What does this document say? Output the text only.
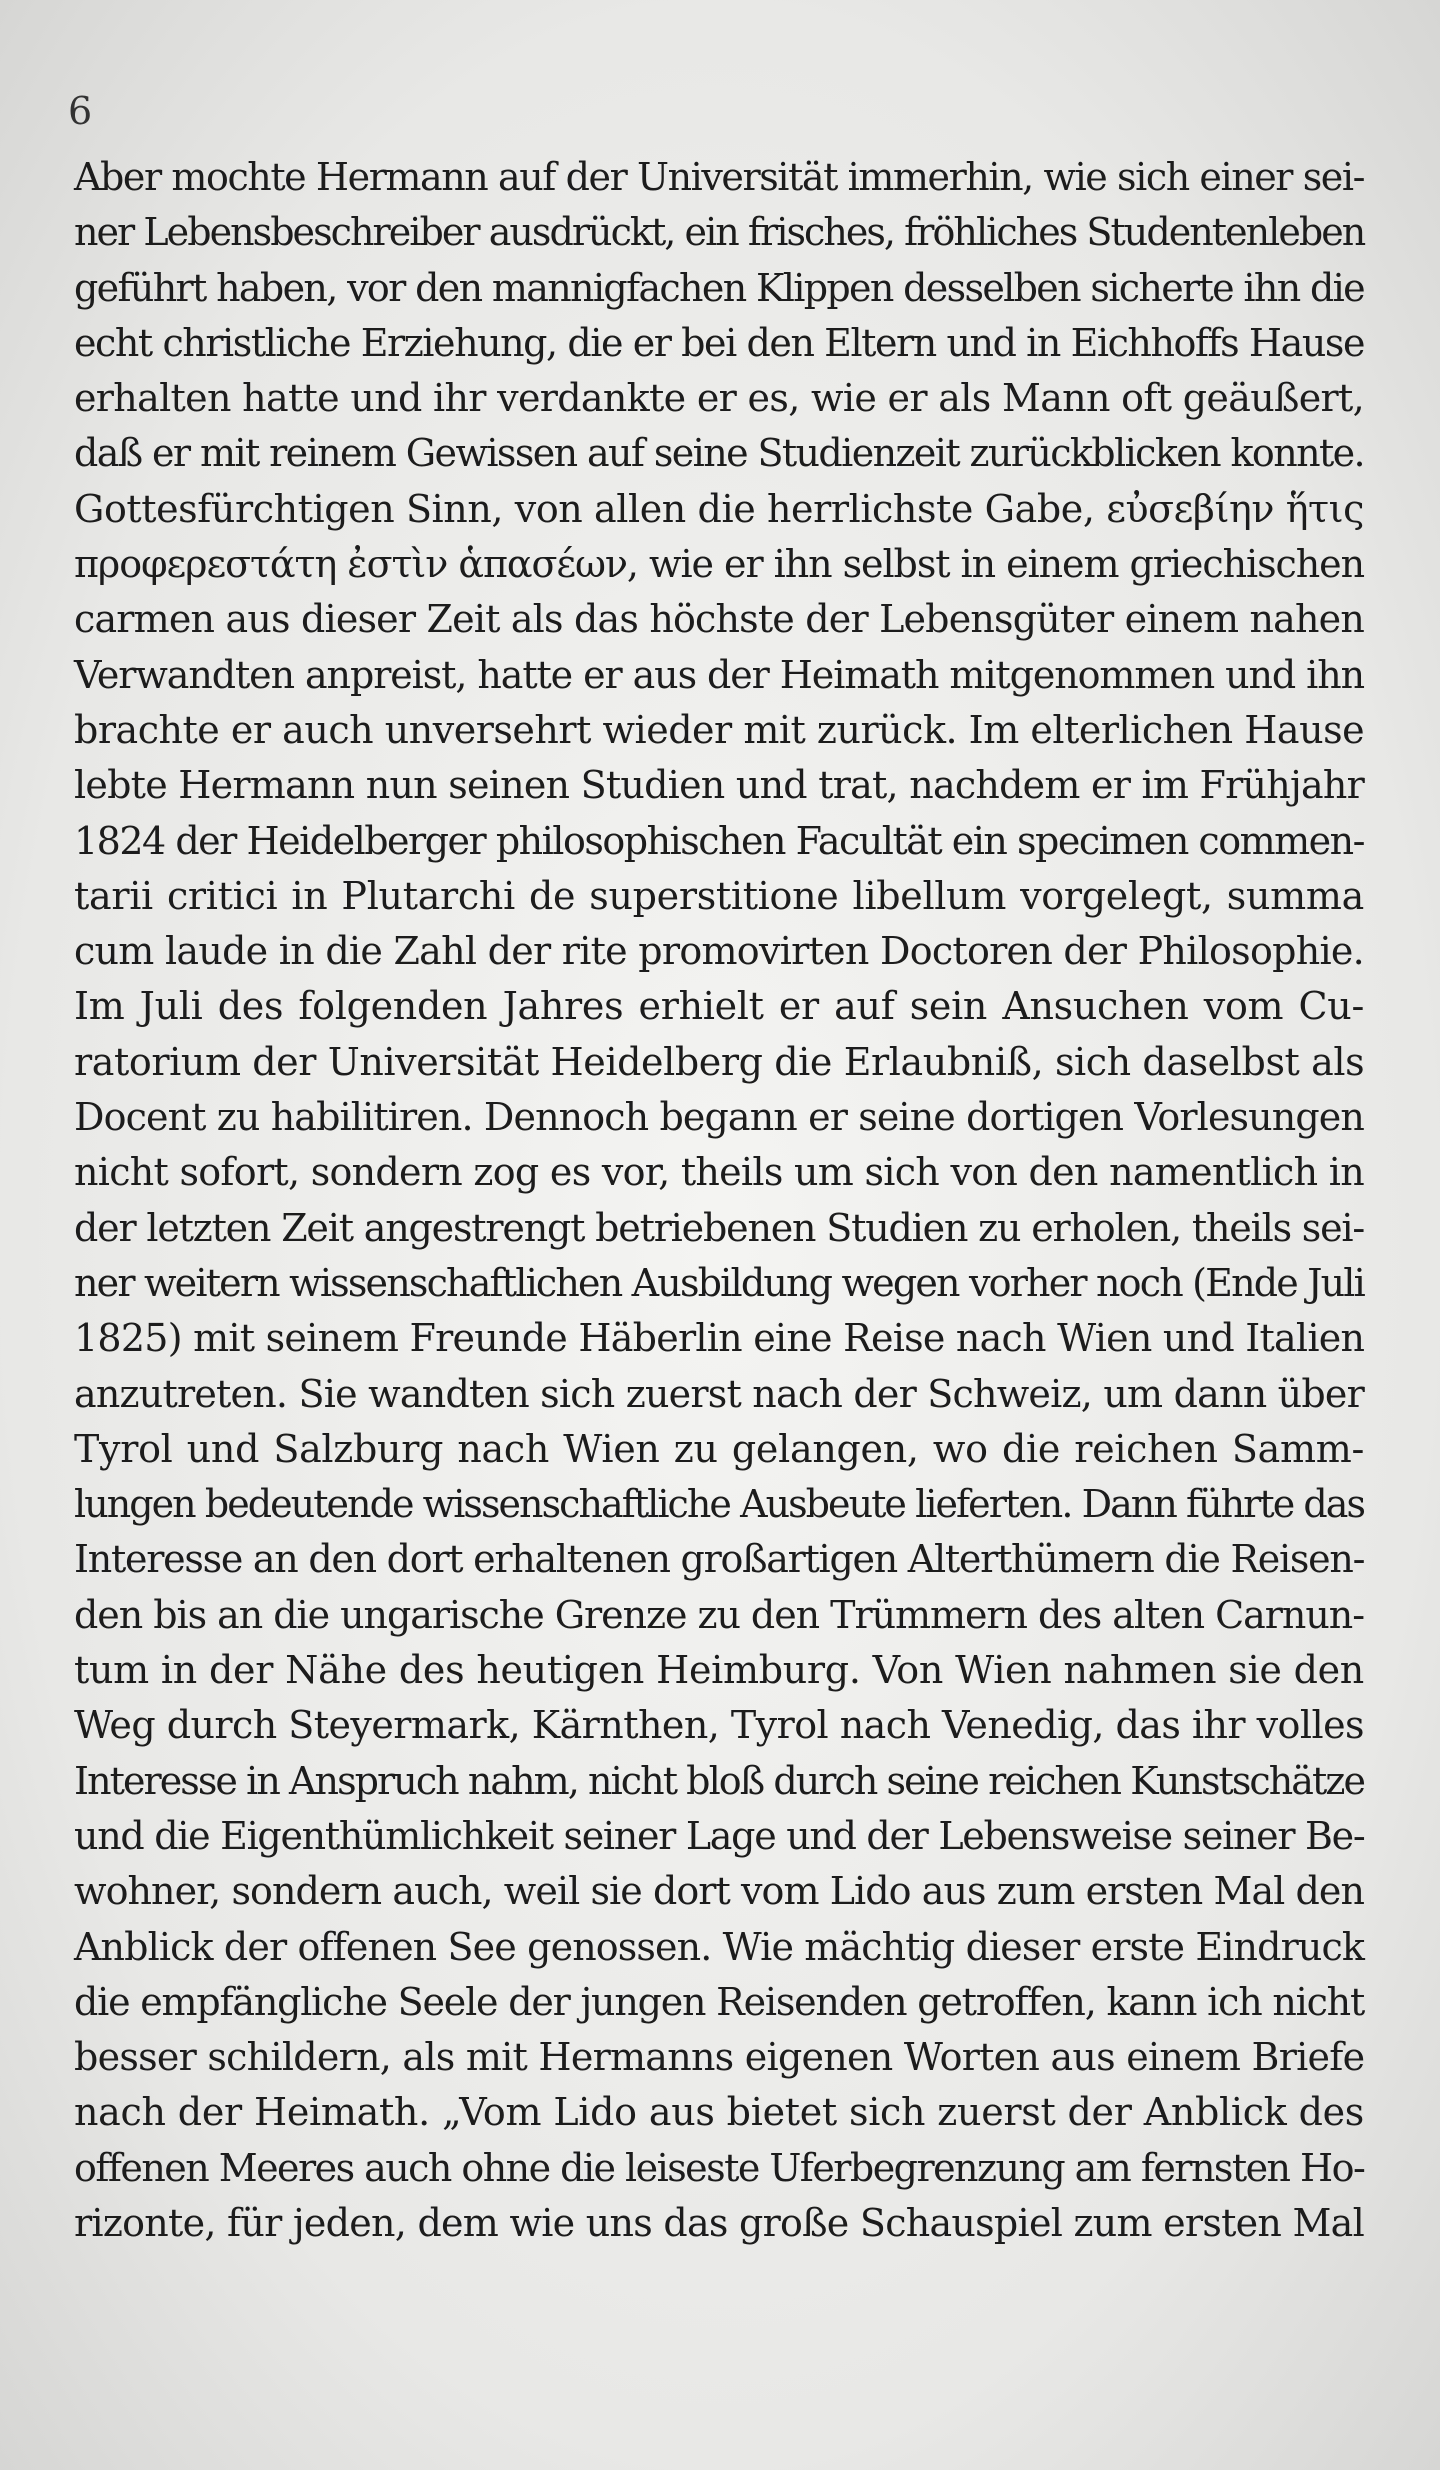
6
Aber mochte Hermann auf der Universität immerhin, wie sich einer sei-
ner Lebensbeschreiber ausdrückt, ein frisches, fröhliches Studentenleben
geführt haben, vor den mannigfachen Klippen desselben sicherte ihn die
echt christliche Erziehung, die er bei den Eltern und in Eichhoffs Hause
erhalten hatte und ihr verdankte er es, wie er als Mann oft geäußert,
daß er mit reinem Gewissen auf seine Studienzeit zurückblicken konnte.
Gottesfürchtigen Sinn, von allen die herrlichste Gabe, εὐσεβίην ἥτις
προφερεστάτη ἐστὶν ἁπασέων, wie er ihn selbst in einem griechischen
carmen aus dieser Zeit als das höchste der Lebensgüter einem nahen
Verwandten anpreist, hatte er aus der Heimath mitgenommen und ihn
brachte er auch unversehrt wieder mit zurück. Im elterlichen Hause
lebte Hermann nun seinen Studien und trat, nachdem er im Frühjahr
1824 der Heidelberger philosophischen Facultät ein specimen commen-
tarii critici in Plutarchi de superstitione libellum vorgelegt, summa
cum laude in die Zahl der rite promovirten Doctoren der Philosophie.
Im Juli des folgenden Jahres erhielt er auf sein Ansuchen vom Cu-
ratorium der Universität Heidelberg die Erlaubniß, sich daselbst als
Docent zu habilitiren. Dennoch begann er seine dortigen Vorlesungen
nicht sofort, sondern zog es vor, theils um sich von den namentlich in
der letzten Zeit angestrengt betriebenen Studien zu erholen, theils sei-
ner weitern wissenschaftlichen Ausbildung wegen vorher noch (Ende Juli
1825) mit seinem Freunde Häberlin eine Reise nach Wien und Italien
anzutreten. Sie wandten sich zuerst nach der Schweiz, um dann über
Tyrol und Salzburg nach Wien zu gelangen, wo die reichen Samm-
lungen bedeutende wissenschaftliche Ausbeute lieferten. Dann führte das
Interesse an den dort erhaltenen großartigen Alterthümern die Reisen-
den bis an die ungarische Grenze zu den Trümmern des alten Carnun-
tum in der Nähe des heutigen Heimburg. Von Wien nahmen sie den
Weg durch Steyermark, Kärnthen, Tyrol nach Venedig, das ihr volles
Interesse in Anspruch nahm, nicht bloß durch seine reichen Kunstschätze
und die Eigenthümlichkeit seiner Lage und der Lebensweise seiner Be-
wohner, sondern auch, weil sie dort vom Lido aus zum ersten Mal den
Anblick der offenen See genossen. Wie mächtig dieser erste Eindruck
die empfängliche Seele der jungen Reisenden getroffen, kann ich nicht
besser schildern, als mit Hermanns eigenen Worten aus einem Briefe
nach der Heimath. „Vom Lido aus bietet sich zuerst der Anblick des
offenen Meeres auch ohne die leiseste Uferbegrenzung am fernsten Ho-
rizonte, für jeden, dem wie uns das große Schauspiel zum ersten Mal
